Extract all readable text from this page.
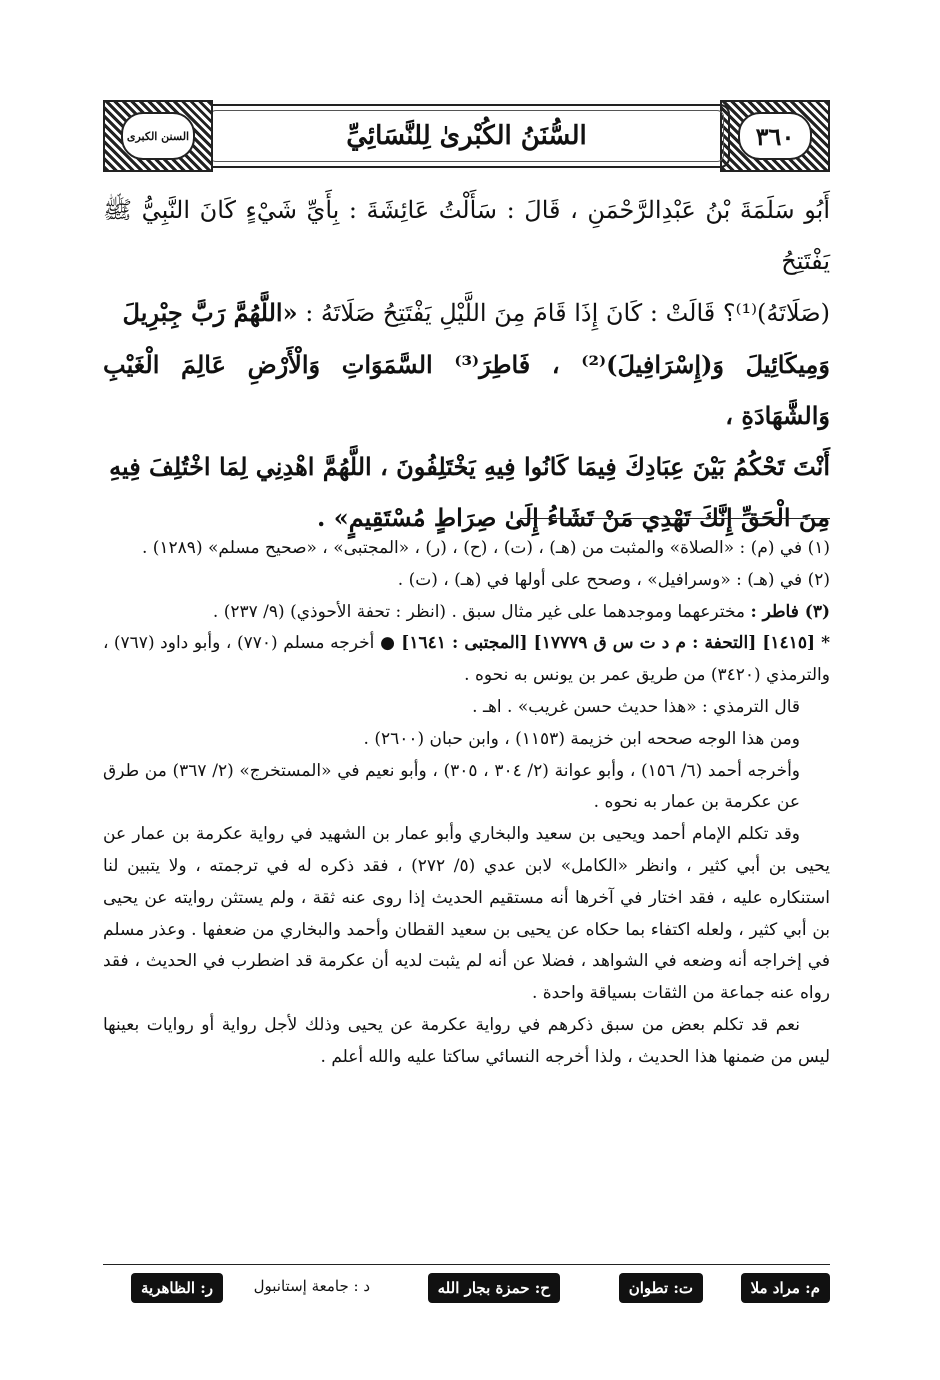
٣٦٠
السُّنَنُ الكُبْرىٰ لِلنَّسَائِيِّ
السنن الكبرى

أَبُو سَلَمَةَ بْنُ عَبْدِالرَّحْمَنِ ، قَالَ : سَأَلْتُ عَائِشَةَ : بِأَيِّ شَيْءٍ كَانَ النَّبِيُّ ﷺ يَفْتَتِحُ

(صَلَاتَهُ)⁽¹⁾؟ قَالَتْ : كَانَ إِذَا قَامَ مِنَ اللَّيْلِ يَفْتَتِحُ صَلَاتَهُ : «اللَّهُمَّ رَبَّ جِبْرِيلَ

وَمِيكَائِيلَ وَ(إِسْرَافِيلَ)⁽²⁾ ، فَاطِرَ⁽³⁾ السَّمَوَاتِ وَالْأَرْضِ عَالِمَ الْغَيْبِ وَالشَّهَادَةِ ،

أَنْتَ تَحْكُمُ بَيْنَ عِبَادِكَ فِيمَا كَانُوا فِيهِ يَخْتَلِفُونَ ، اللَّهُمَّ اهْدِنِي لِمَا اخْتُلِفَ فِيهِ

مِنَ الْحَقِّ إِنَّكَ تَهْدِي مَنْ تَشَاءُ إِلَىٰ صِرَاطٍ مُسْتَقِيمٍ» .

(١) في (م) : «الصلاة» والمثبت من (هـ) ، (ت) ، (ح) ، (ر) ، «المجتبى» ، «صحيح مسلم» (١٢٨٩) .

(٢) في (هـ) : «وسرافيل» ، وصحح على أولها في (هـ) ، (ت) .

(٣) فاطر : مخترعهما وموجدهما على غير مثال سبق . (انظر : تحفة الأحوذي) (٩/ ٢٣٧) .

* [١٤١٥] [التحفة : م د ت س ق ١٧٧٧٩] [المجتبى : ١٦٤١] ● أخرجه مسلم (٧٧٠) ، وأبو داود (٧٦٧) ، والترمذي (٣٤٢٠) من طريق عمر بن يونس به نحوه .

قال الترمذي : «هذا حديث حسن غريب» . اهـ .

ومن هذا الوجه صححه ابن خزيمة (١١٥٣) ، وابن حبان (٢٦٠٠) .

وأخرجه أحمد (٦/ ١٥٦) ، وأبو عوانة (٢/ ٣٠٤ ، ٣٠٥) ، وأبو نعيم في «المستخرج» (٢/ ٣٦٧) من طرق عن عكرمة بن عمار به نحوه .

وقد تكلم الإمام أحمد ويحيى بن سعيد والبخاري وأبو عمار بن الشهيد في رواية عكرمة بن عمار عن يحيى بن أبي كثير ، وانظر «الكامل» لابن عدي (٥/ ٢٧٢) ، فقد ذكره له في ترجمته ، ولا يتبين لنا استنكاره عليه ، فقد اختار في آخرها أنه مستقيم الحديث إذا روى عنه ثقة ، ولم يستثن روايته عن يحيى بن أبي كثير ، ولعله اكتفاء بما حكاه عن يحيى بن سعيد القطان وأحمد والبخاري من ضعفها . وعذر مسلم في إخراجه أنه وضعه في الشواهد ، فضلا عن أنه لم يثبت لديه أن عكرمة قد اضطرب في الحديث ، فقد رواه عنه جماعة من الثقات بسياقة واحدة .

نعم قد تكلم بعض من سبق ذكرهم في رواية عكرمة عن يحيى وذلك لأجل رواية أو روايات بعينها ليس من ضمنها هذا الحديث ، ولذا أخرجه النسائي ساكتا عليه والله أعلم .

م: مراد ملا
ت: تطوان
ح: حمزة بجار الله
د : جامعة إستانبول
ر: الظاهرية
